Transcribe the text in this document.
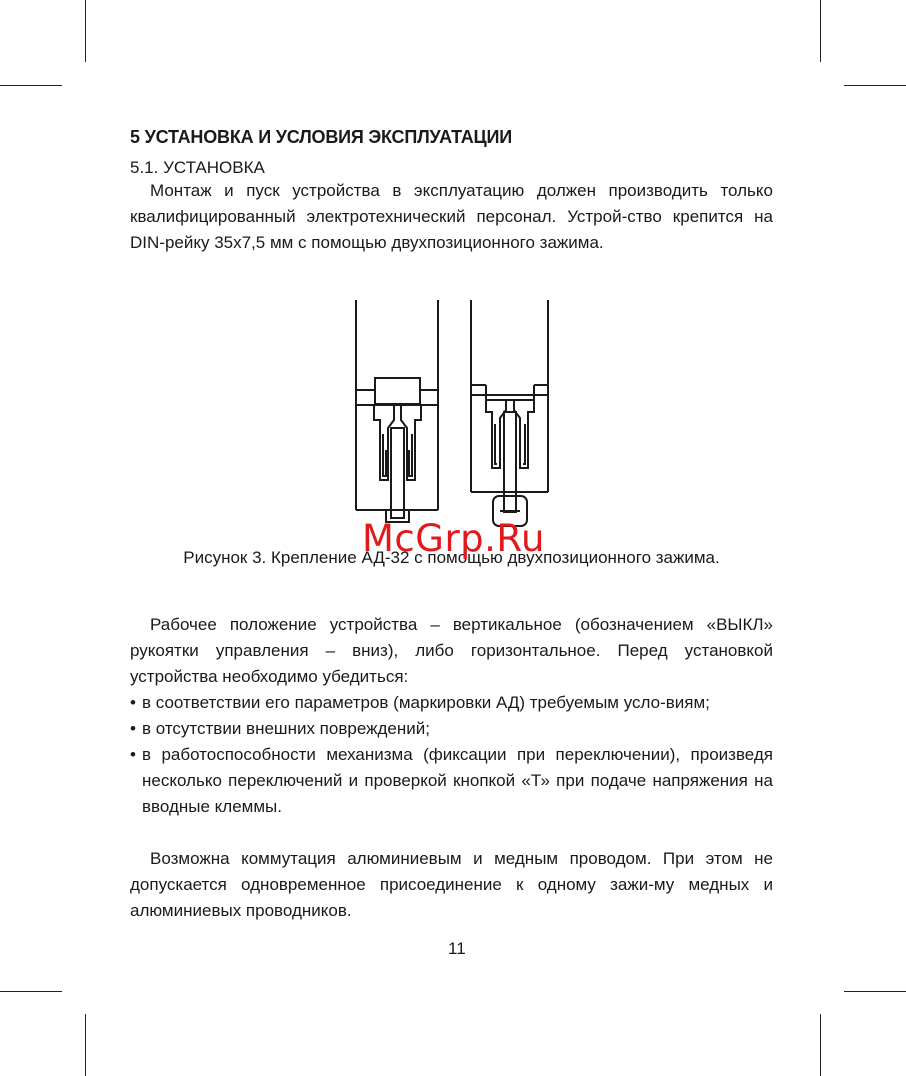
5 УСТАНОВКА И УСЛОВИЯ ЭКСПЛУАТАЦИИ
5.1. УСТАНОВКА

Монтаж и пуск устройства в эксплуатацию должен производить только квалифицированный электротехнический персонал. Устрой-ство крепится на DIN-рейку 35х7,5 мм с помощью двухпозиционного зажима.

Рисунок 3. Крепление АД-32 с помощью двухпозиционного зажима.

Рабочее положение устройства – вертикальное (обозначением «ВЫКЛ» рукоятки управления – вниз), либо горизонтальное. Перед установкой устройства необходимо убедиться:

• в соответствии его параметров (маркировки АД) требуемым усло-виям;
• в отсутствии внешних повреждений;
• в работоспособности механизма (фиксации при переключении), произведя несколько переключений и проверкой кнопкой «Т» при подаче напряжения на вводные клеммы.

Возможна коммутация алюминиевым и медным проводом. При этом не допускается одновременное присоединение к одному зажи-му медных и алюминиевых проводников.

McGrp.Ru
11
